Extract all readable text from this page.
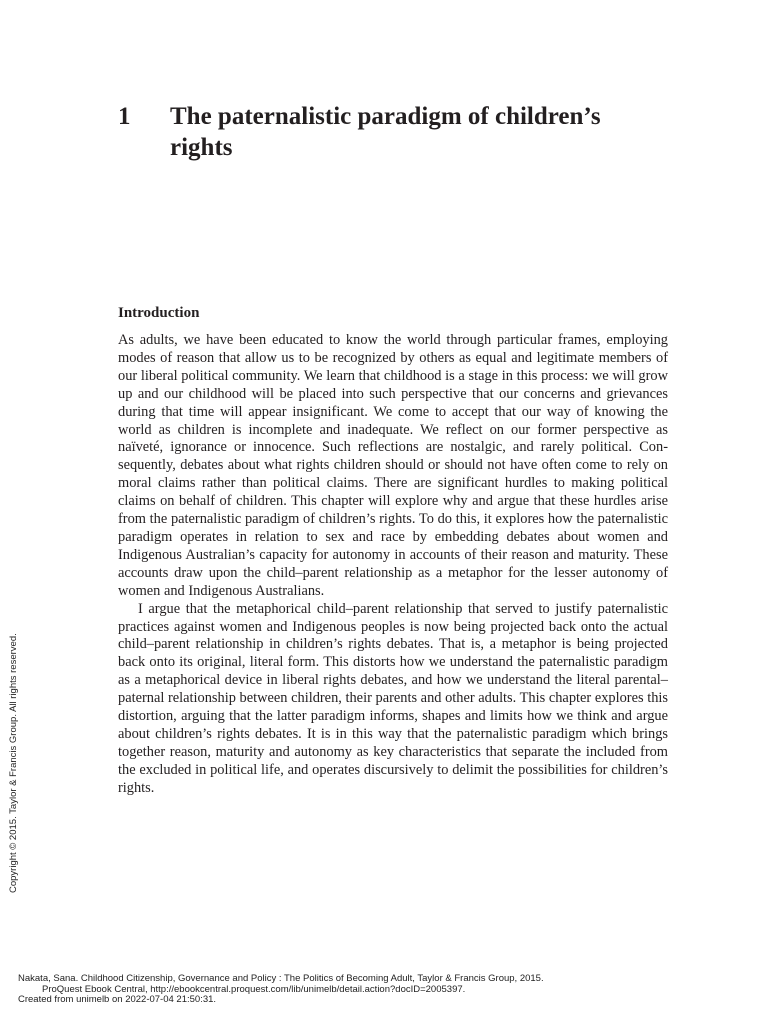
1 The paternalistic paradigm of children’s rights
Introduction

As adults, we have been educated to know the world through particular frames, employing modes of reason that allow us to be recognized by others as equal and legitimate members of our liberal political community. We learn that childhood is a stage in this process: we will grow up and our childhood will be placed into such perspective that our concerns and grievances during that time will appear insignificant. We come to accept that our way of knowing the world as children is incomplete and inadequate. We reflect on our former perspective as naïveté, ignorance or innocence. Such reflections are nostalgic, and rarely political. Consequently, debates about what rights children should or should not have often come to rely on moral claims rather than political claims. There are significant hurdles to making political claims on behalf of children. This chapter will explore why and argue that these hurdles arise from the paternalistic paradigm of children’s rights. To do this, it explores how the paternalistic paradigm operates in relation to sex and race by embedding debates about women and Indigenous Australian’s capacity for autonomy in accounts of their reason and maturity. These accounts draw upon the child–parent relationship as a metaphor for the lesser autonomy of women and Indigenous Australians.

I argue that the metaphorical child–parent relationship that served to justify paternalistic practices against women and Indigenous peoples is now being projected back onto the actual child–parent relationship in children’s rights debates. That is, a metaphor is being projected back onto its original, literal form. This distorts how we understand the paternalistic paradigm as a metaphorical device in liberal rights debates, and how we understand the literal parental–paternal relationship between children, their parents and other adults. This chapter explores this distortion, arguing that the latter paradigm informs, shapes and limits how we think and argue about children’s rights debates. It is in this way that the paternalistic paradigm which brings together reason, maturity and autonomy as key characteristics that separate the included from the excluded in political life, and operates discursively to delimit the possibilities for children’s rights.

Copyright © 2015. Taylor & Francis Group. All rights reserved.
Nakata, Sana. Childhood Citizenship, Governance and Policy : The Politics of Becoming Adult, Taylor & Francis Group, 2015.
ProQuest Ebook Central, http://ebookcentral.proquest.com/lib/unimelb/detail.action?docID=2005397.
Created from unimelb on 2022-07-04 21:50:31.
